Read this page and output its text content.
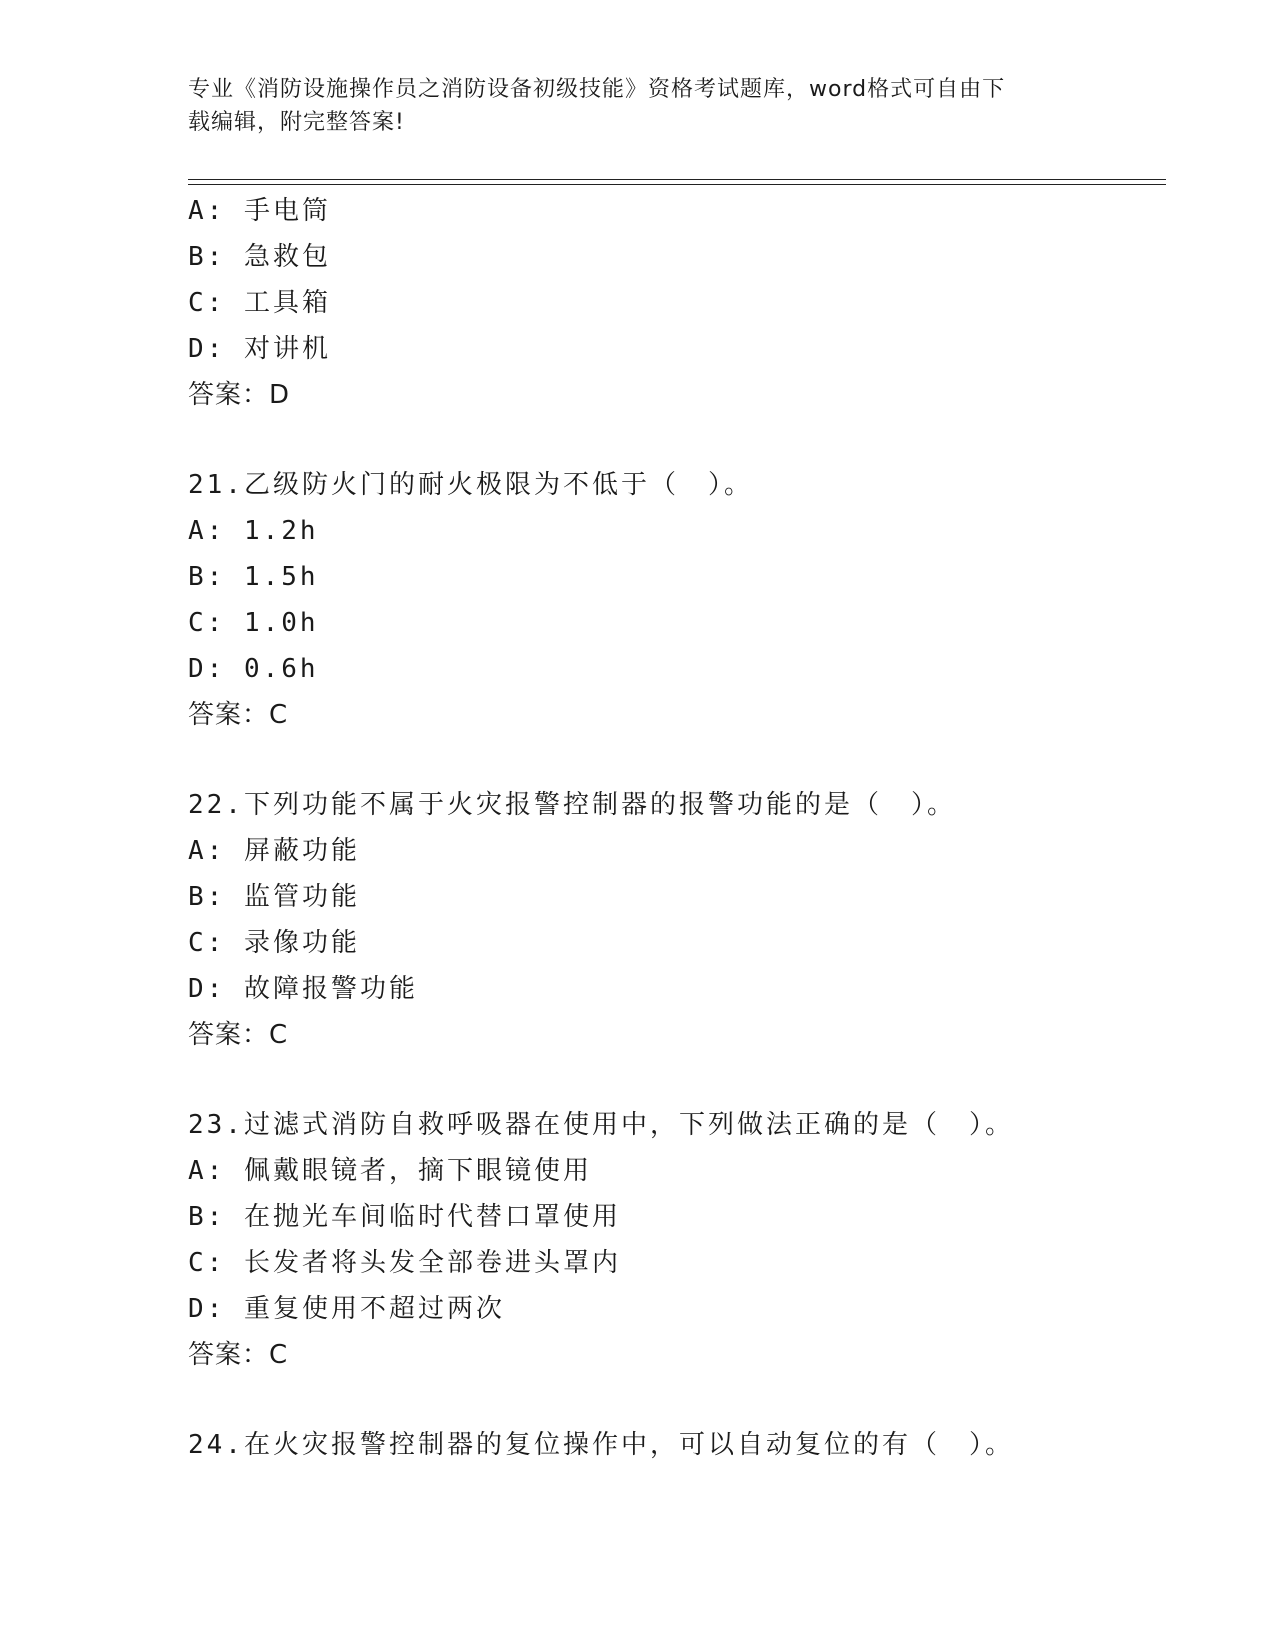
专业《消防设施操作员之消防设备初级技能》资格考试题库，word格式可自由下
载编辑，附完整答案!
A: 手电筒
B: 急救包
C: 工具箱
D: 对讲机
答案：D
21.乙级防火门的耐火极限为不低于（　）。
A: 1.2h
B: 1.5h
C: 1.0h
D: 0.6h
答案：C
22.下列功能不属于火灾报警控制器的报警功能的是（　）。
A: 屏蔽功能
B: 监管功能
C: 录像功能
D: 故障报警功能
答案：C
23.过滤式消防自救呼吸器在使用中，下列做法正确的是（　）。
A: 佩戴眼镜者，摘下眼镜使用
B: 在抛光车间临时代替口罩使用
C: 长发者将头发全部卷进头罩内
D: 重复使用不超过两次
答案：C
24.在火灾报警控制器的复位操作中，可以自动复位的有（　）。
